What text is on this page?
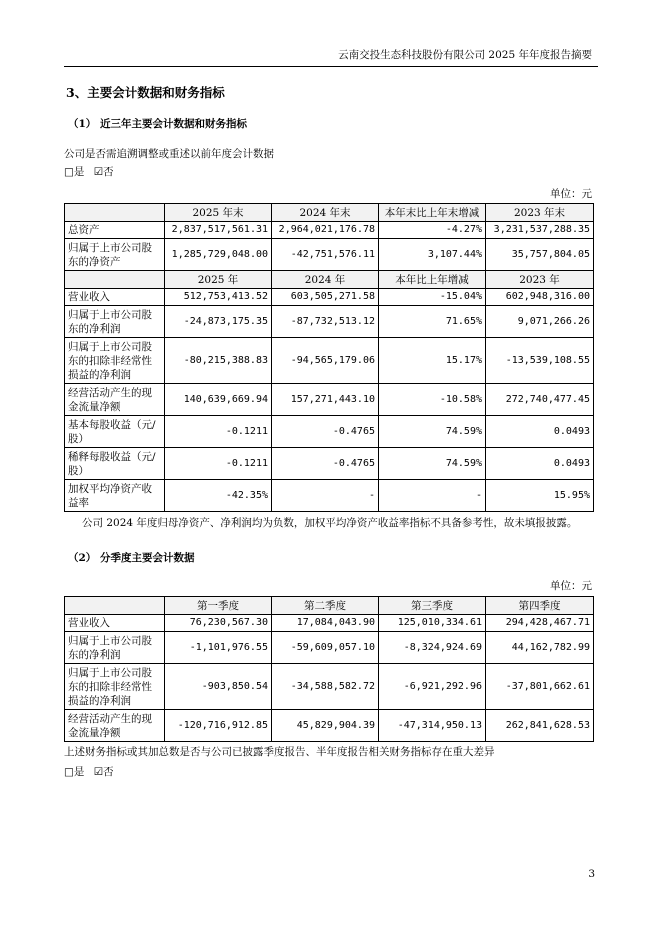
云南交投生态科技股份有限公司 2025 年年度报告摘要
3、主要会计数据和财务指标
（1） 近三年主要会计数据和财务指标
公司是否需追溯调整或重述以前年度会计数据
□是 ☑否
单位：元
	2025 年末	2024 年末	本年末比上年末增减	2023 年末
总资产	2,837,517,561.31	2,964,021,176.78	-4.27%	3,231,537,288.35
归属于上市公司股东的净资产	1,285,729,048.00	-42,751,576.11	3,107.44%	35,757,804.05
	2025 年	2024 年	本年比上年增减	2023 年
营业收入	512,753,413.52	603,505,271.58	-15.04%	602,948,316.00
归属于上市公司股东的净利润	-24,873,175.35	-87,732,513.12	71.65%	9,071,266.26
归属于上市公司股东的扣除非经常性损益的净利润	-80,215,388.83	-94,565,179.06	15.17%	-13,539,108.55
经营活动产生的现金流量净额	140,639,669.94	157,271,443.10	-10.58%	272,740,477.45
基本每股收益（元/股）	-0.1211	-0.4765	74.59%	0.0493
稀释每股收益（元/股）	-0.1211	-0.4765	74.59%	0.0493
加权平均净资产收益率	-42.35%	-	-	15.95%
公司 2024 年度归母净资产、净利润均为负数，加权平均净资产收益率指标不具备参考性，故未填报披露。
（2） 分季度主要会计数据
单位：元
	第一季度	第二季度	第三季度	第四季度
营业收入	76,230,567.30	17,084,043.90	125,010,334.61	294,428,467.71
归属于上市公司股东的净利润	-1,101,976.55	-59,609,057.10	-8,324,924.69	44,162,782.99
归属于上市公司股东的扣除非经常性损益的净利润	-903,850.54	-34,588,582.72	-6,921,292.96	-37,801,662.61
经营活动产生的现金流量净额	-120,716,912.85	45,829,904.39	-47,314,950.13	262,841,628.53
上述财务指标或其加总数是否与公司已披露季度报告、半年度报告相关财务指标存在重大差异
□是 ☑否
3
